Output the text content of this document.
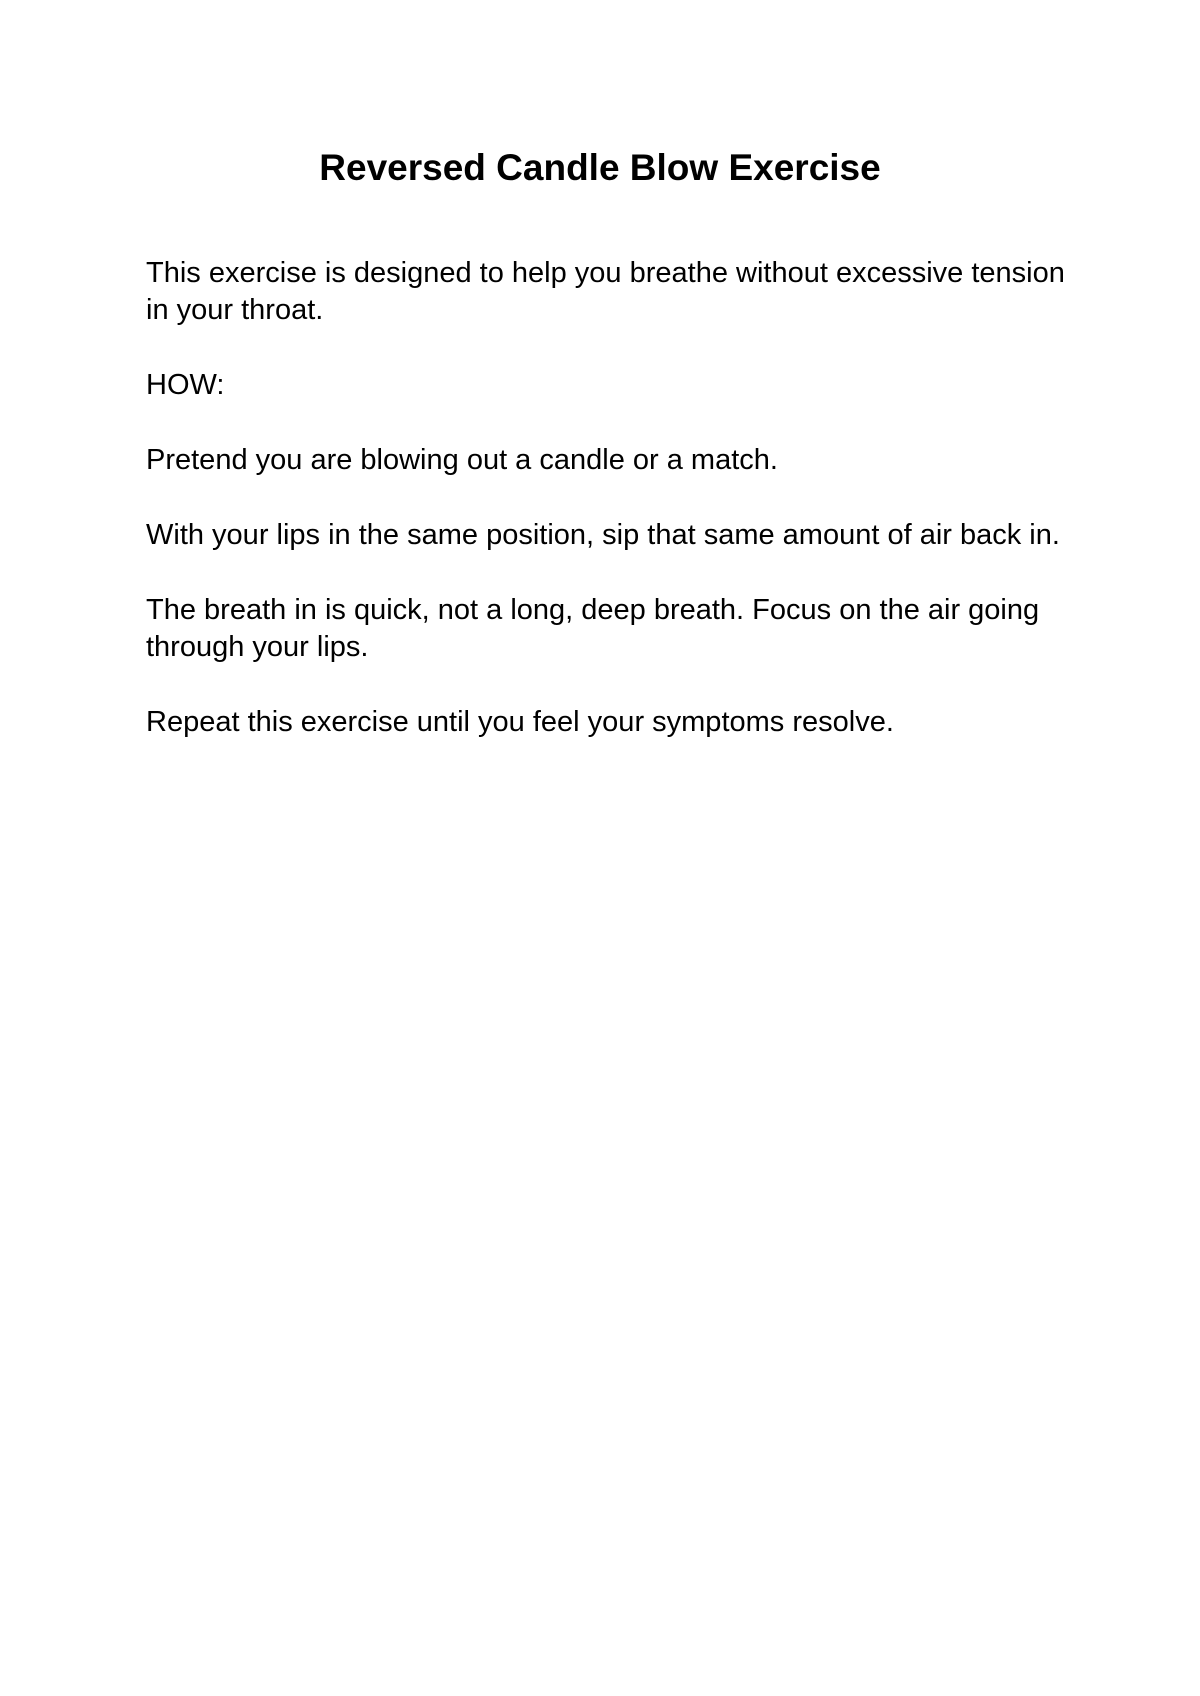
Reversed Candle Blow Exercise

This exercise is designed to help you breathe without excessive tension in your throat.

HOW:

Pretend you are blowing out a candle or a match.

With your lips in the same position, sip that same amount of air back in.

The breath in is quick, not a long, deep breath. Focus on the air going through your lips.

Repeat this exercise until you feel your symptoms resolve.
